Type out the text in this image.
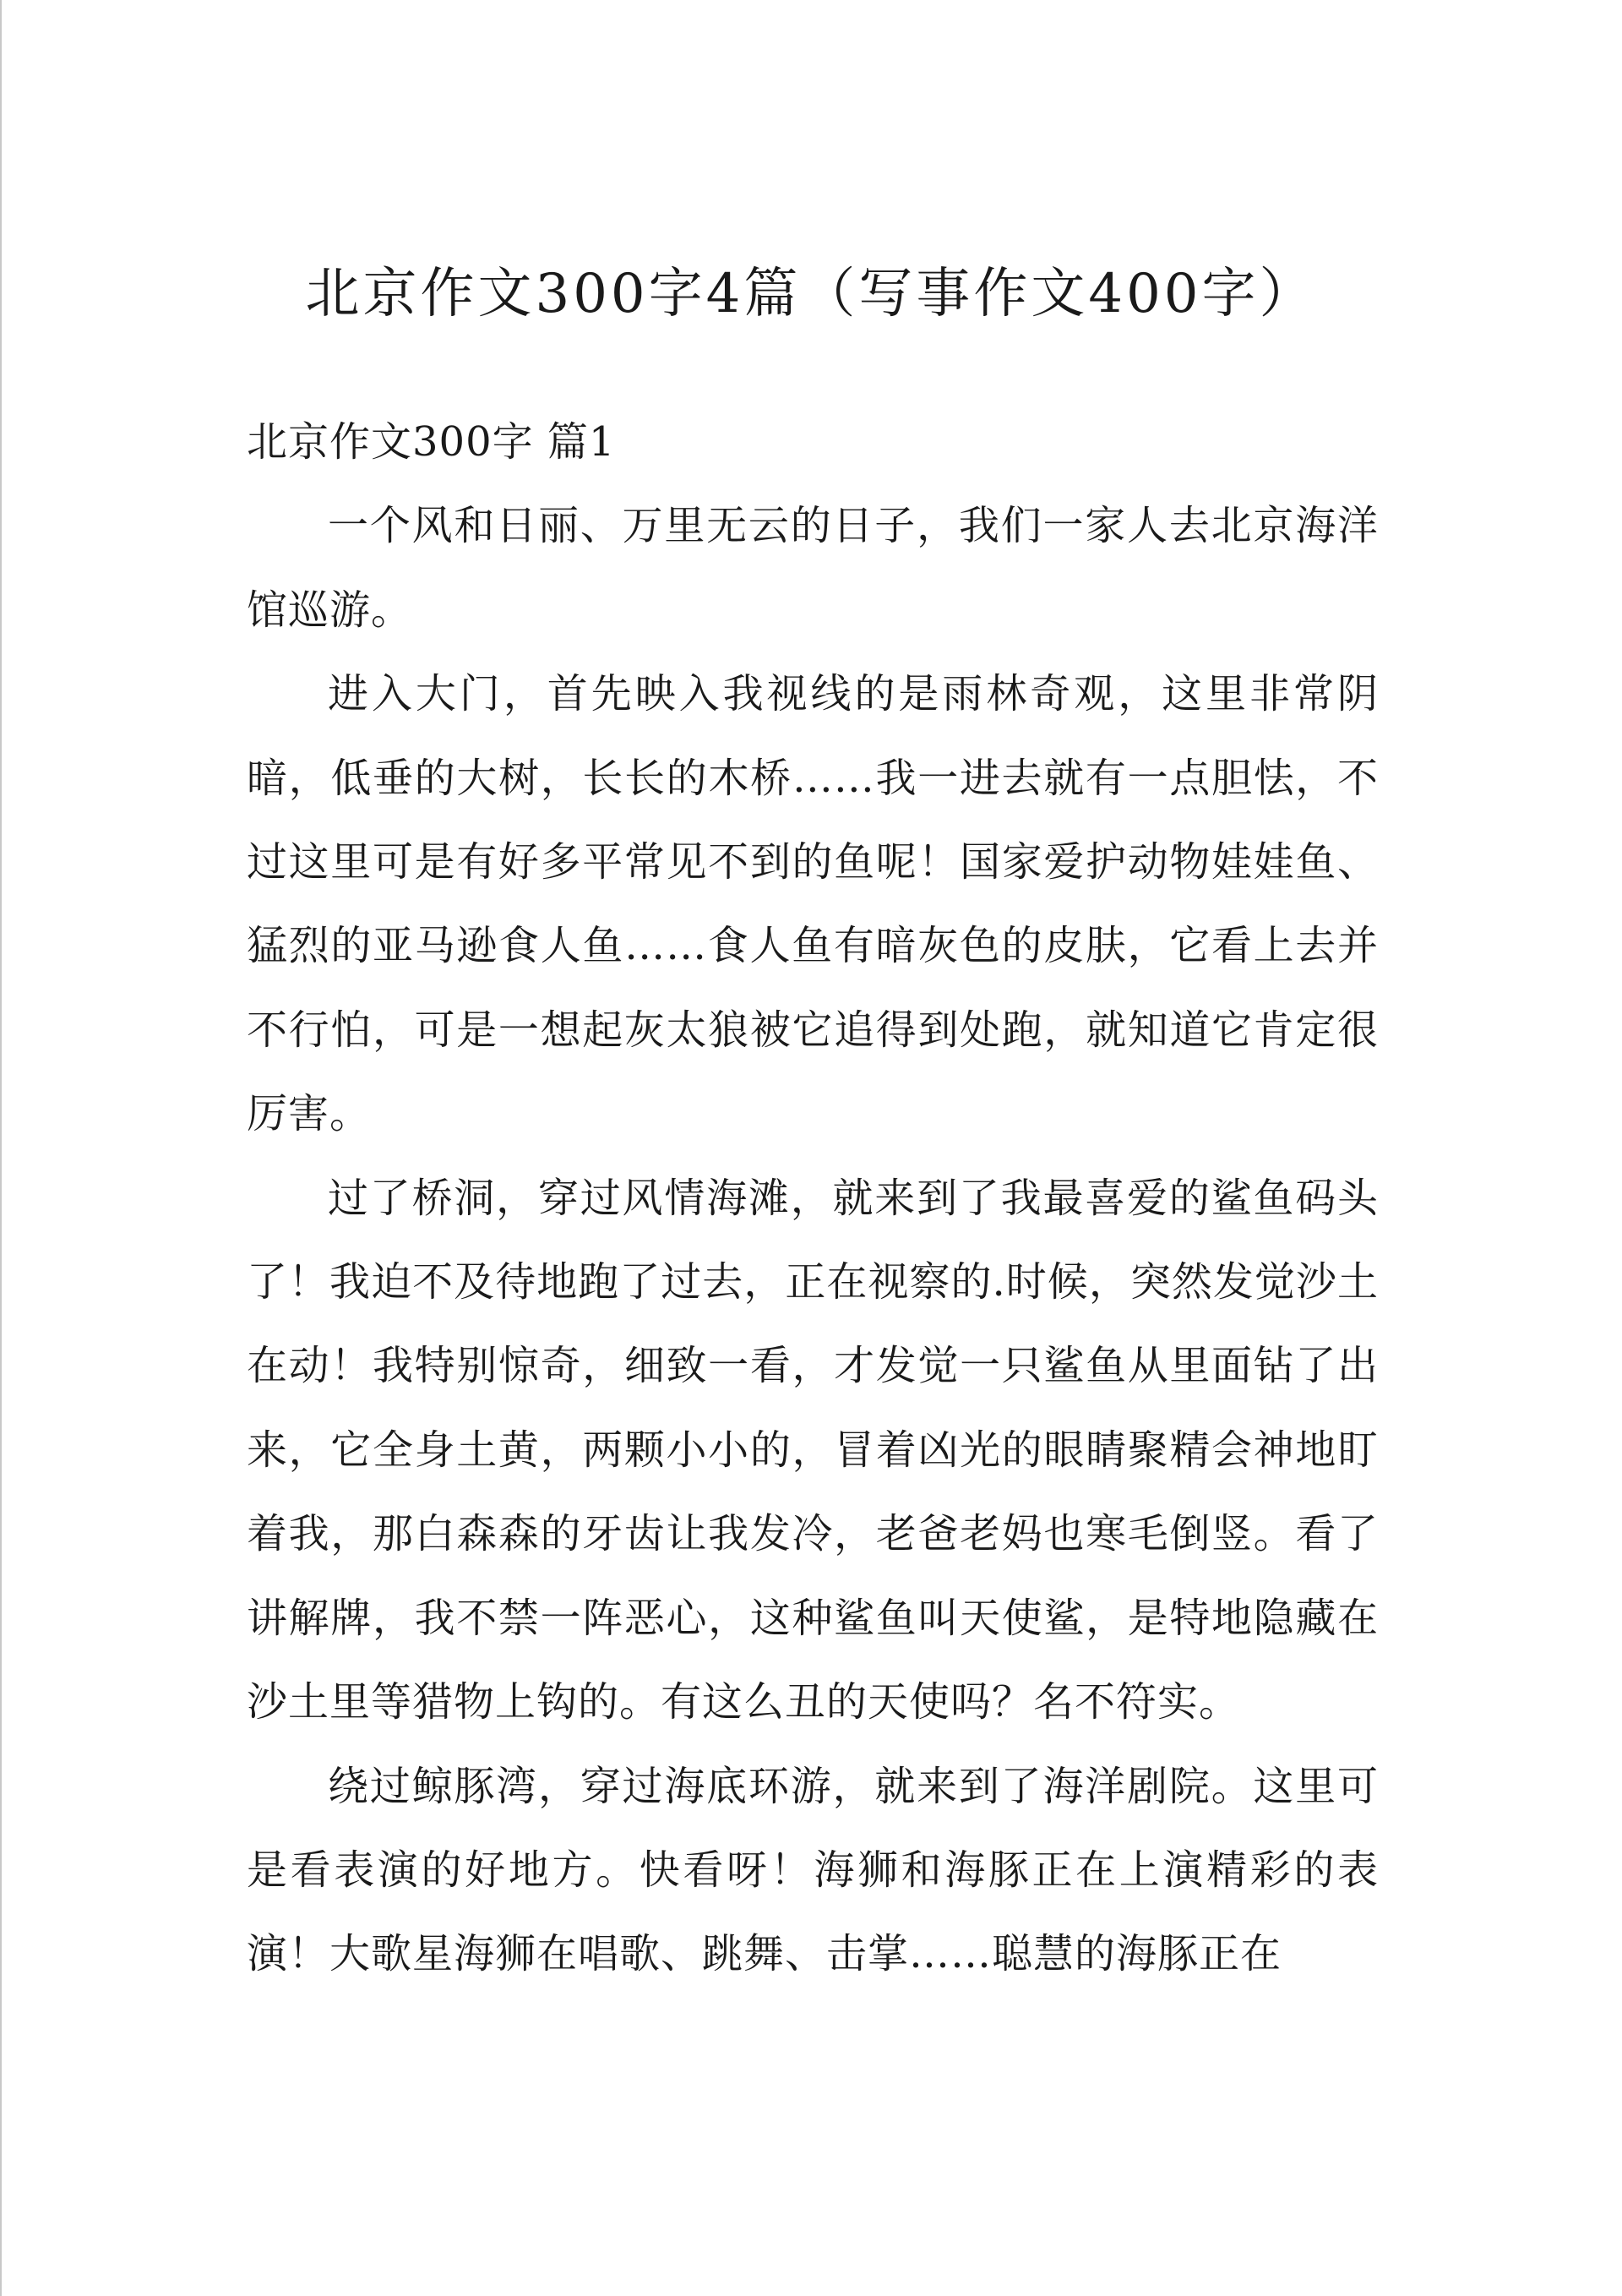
北京作文300字4篇（写事作文400字）

北京作文300字 篇1

一个风和日丽、万里无云的日子，我们一家人去北京海洋馆巡游。

进入大门，首先映入我视线的是雨林奇观，这里非常阴暗，低垂的大树，长长的木桥……我一进去就有一点胆怯，不过这里可是有好多平常见不到的鱼呢！国家爱护动物娃娃鱼、猛烈的亚马逊食人鱼……食人鱼有暗灰色的皮肤，它看上去并不行怕，可是一想起灰太狼被它追得到处跑，就知道它肯定很厉害。

过了桥洞，穿过风情海滩，就来到了我最喜爱的鲨鱼码头了！我迫不及待地跑了过去，正在视察的.时候，突然发觉沙土在动！我特别惊奇，细致一看，才发觉一只鲨鱼从里面钻了出来，它全身土黄，两颗小小的，冒着凶光的眼睛聚精会神地盯着我，那白森森的牙齿让我发冷，老爸老妈也寒毛倒竖。看了讲解牌，我不禁一阵恶心，这种鲨鱼叫天使鲨，是特地隐藏在沙土里等猎物上钩的。有这么丑的天使吗？名不符实。

绕过鲸豚湾，穿过海底环游，就来到了海洋剧院。这里可是看表演的好地方。快看呀！海狮和海豚正在上演精彩的表演！大歌星海狮在唱歌、跳舞、击掌……聪慧的海豚正在
